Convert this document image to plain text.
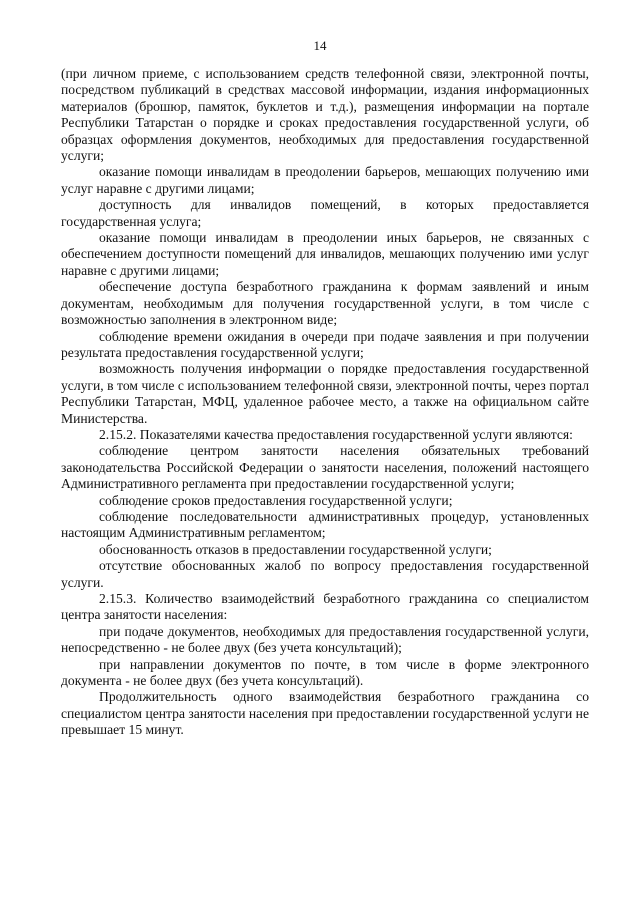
14

(при личном приеме, с использованием средств телефонной связи, электронной почты, посредством публикаций в средствах массовой информации, издания информационных материалов (брошюр, памяток, буклетов и т.д.), размещения информации на портале Республики Татарстан о порядке и сроках предоставления государственной услуги, об образцах оформления документов, необходимых для предоставления государственной услуги;

оказание помощи инвалидам в преодолении барьеров, мешающих получению ими услуг наравне с другими лицами;

доступность для инвалидов помещений, в которых предоставляется государственная услуга;

оказание помощи инвалидам в преодолении иных барьеров, не связанных с обеспечением доступности помещений для инвалидов, мешающих получению ими услуг наравне с другими лицами;

обеспечение доступа безработного гражданина к формам заявлений и иным документам, необходимым для получения государственной услуги, в том числе с возможностью заполнения в электронном виде;

соблюдение времени ожидания в очереди при подаче заявления и при получении результата предоставления государственной услуги;

возможность получения информации о порядке предоставления государственной услуги, в том числе с использованием телефонной связи, электронной почты, через портал Республики Татарстан, МФЦ, удаленное рабочее место, а также на официальном сайте Министерства.

2.15.2. Показателями качества предоставления государственной услуги являются:

соблюдение центром занятости населения обязательных требований законодательства Российской Федерации о занятости населения, положений настоящего Административного регламента при предоставлении государственной услуги;

соблюдение сроков предоставления государственной услуги;

соблюдение последовательности административных процедур, установленных настоящим Административным регламентом;

обоснованность отказов в предоставлении государственной услуги;

отсутствие обоснованных жалоб по вопросу предоставления государственной услуги.

2.15.3. Количество взаимодействий безработного гражданина со специалистом центра занятости населения:

при подаче документов, необходимых для предоставления государственной услуги, непосредственно - не более двух (без учета консультаций);

при направлении документов по почте, в том числе в форме электронного документа - не более двух (без учета консультаций).

Продолжительность одного взаимодействия безработного гражданина со специалистом центра занятости населения при предоставлении государственной услуги не превышает 15 минут.
